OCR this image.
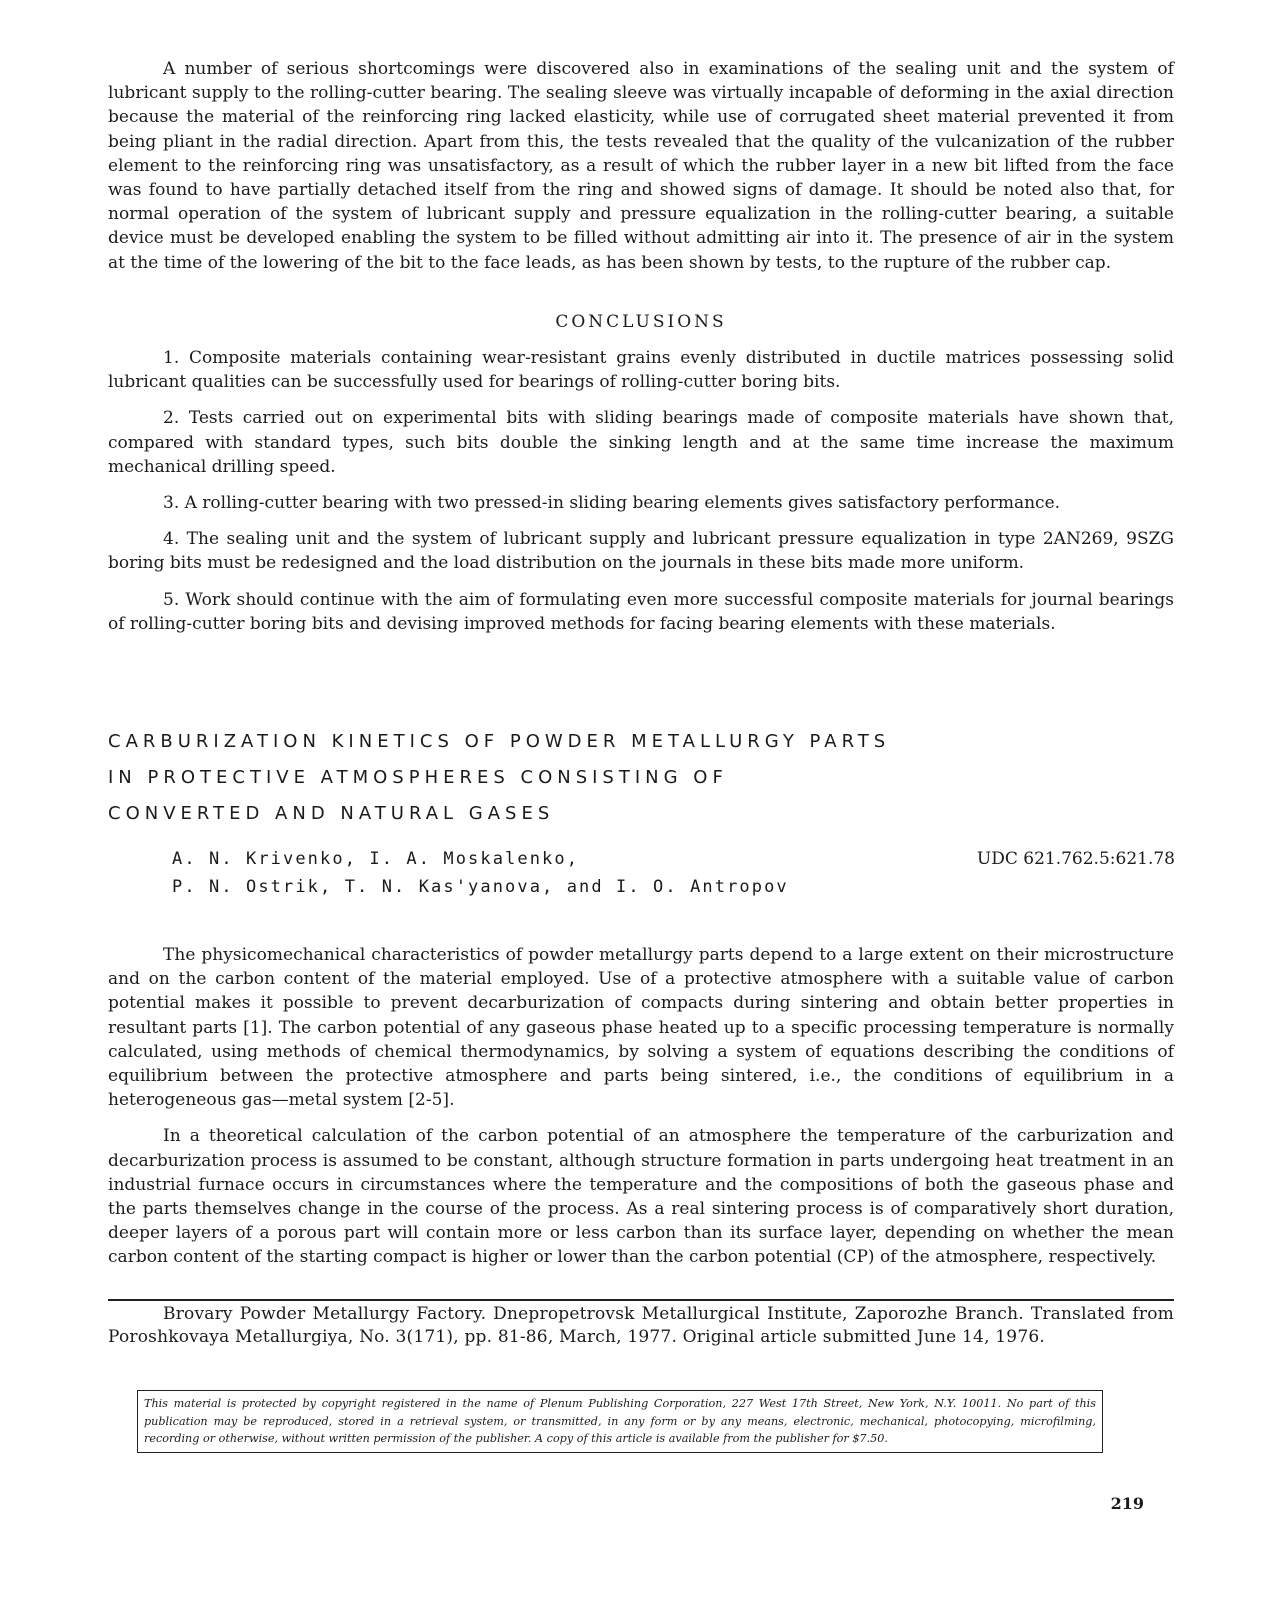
A number of serious shortcomings were discovered also in examinations of the sealing unit and the system of lubricant supply to the rolling-cutter bearing. The sealing sleeve was virtually incapable of deforming in the axial direction because the material of the reinforcing ring lacked elasticity, while use of corrugated sheet material prevented it from being pliant in the radial direction. Apart from this, the tests revealed that the quality of the vulcanization of the rubber element to the reinforcing ring was unsatisfactory, as a result of which the rubber layer in a new bit lifted from the face was found to have partially detached itself from the ring and showed signs of damage. It should be noted also that, for normal operation of the system of lubricant supply and pressure equalization in the rolling-cutter bearing, a suitable device must be developed enabling the system to be filled without admitting air into it. The presence of air in the system at the time of the lowering of the bit to the face leads, as has been shown by tests, to the rupture of the rubber cap.

CONCLUSIONS

1. Composite materials containing wear-resistant grains evenly distributed in ductile matrices possessing solid lubricant qualities can be successfully used for bearings of rolling-cutter boring bits.

2. Tests carried out on experimental bits with sliding bearings made of composite materials have shown that, compared with standard types, such bits double the sinking length and at the same time increase the maximum mechanical drilling speed.

3. A rolling-cutter bearing with two pressed-in sliding bearing elements gives satisfactory performance.

4. The sealing unit and the system of lubricant supply and lubricant pressure equalization in type 2AN269, 9SZG boring bits must be redesigned and the load distribution on the journals in these bits made more uniform.

5. Work should continue with the aim of formulating even more successful composite materials for journal bearings of rolling-cutter boring bits and devising improved methods for facing bearing elements with these materials.

CARBURIZATION KINETICS OF POWDER METALLURGY PARTS
IN PROTECTIVE ATMOSPHERES CONSISTING OF
CONVERTED AND NATURAL GASES
A. N. Krivenko, I. A. Moskalenko,
P. N. Ostrik, T. N. Kas'yanova, and I. O. Antropov
UDC 621.762.5:621.78

The physicomechanical characteristics of powder metallurgy parts depend to a large extent on their microstructure and on the carbon content of the material employed. Use of a protective atmosphere with a suitable value of carbon potential makes it possible to prevent decarburization of compacts during sintering and obtain better properties in resultant parts [1]. The carbon potential of any gaseous phase heated up to a specific processing temperature is normally calculated, using methods of chemical thermodynamics, by solving a system of equations describing the conditions of equilibrium between the protective atmosphere and parts being sintered, i.e., the conditions of equilibrium in a heterogeneous gas—metal system [2-5].

In a theoretical calculation of the carbon potential of an atmosphere the temperature of the carburization and decarburization process is assumed to be constant, although structure formation in parts undergoing heat treatment in an industrial furnace occurs in circumstances where the temperature and the compositions of both the gaseous phase and the parts themselves change in the course of the process. As a real sintering process is of comparatively short duration, deeper layers of a porous part will contain more or less carbon than its surface layer, depending on whether the mean carbon content of the starting compact is higher or lower than the carbon potential (CP) of the atmosphere, respectively.

Brovary Powder Metallurgy Factory. Dnepropetrovsk Metallurgical Institute, Zaporozhe Branch. Translated from Poroshkovaya Metallurgiya, No. 3(171), pp. 81-86, March, 1977. Original article submitted June 14, 1976.

This material is protected by copyright registered in the name of Plenum Publishing Corporation, 227 West 17th Street, New York, N.Y. 10011. No part of this publication may be reproduced, stored in a retrieval system, or transmitted, in any form or by any means, electronic, mechanical, photocopying, microfilming, recording or otherwise, without written permission of the publisher. A copy of this article is available from the publisher for $7.50.
219
